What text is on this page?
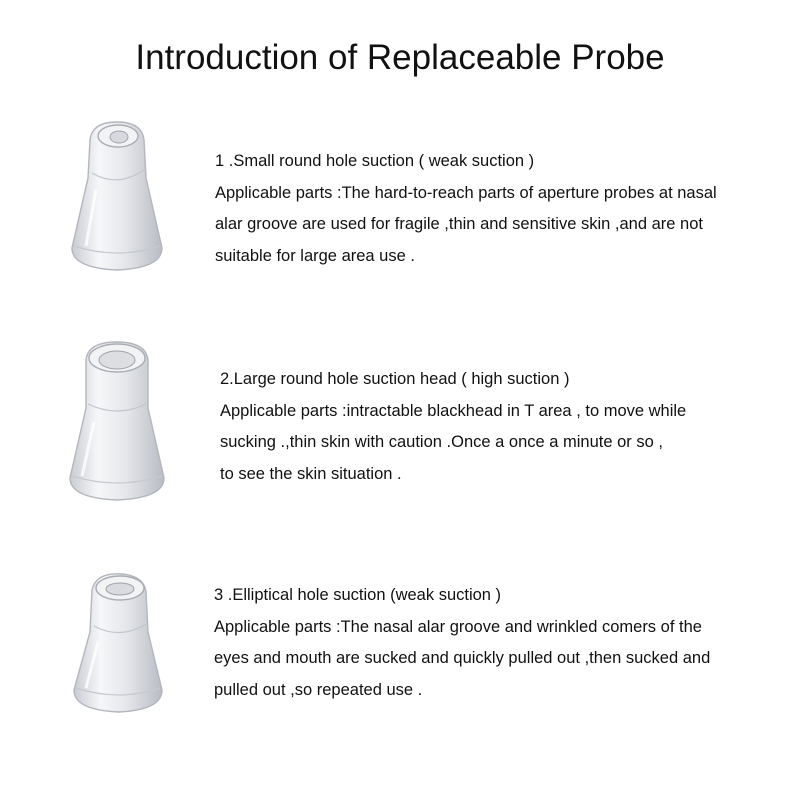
Introduction of Replaceable Probe
1 .Small round hole suction ( weak suction )
Applicable parts :The hard-to-reach parts of aperture probes at nasal
alar groove are used for fragile ,thin and sensitive skin ,and are not
suitable for large area use .
2.Large round hole suction head ( high suction )
Applicable parts :intractable blackhead in T area , to move while
sucking .,thin skin with caution .Once a once a minute or so ,
to see the skin situation .
3 .Elliptical hole suction (weak suction )
Applicable parts :The nasal alar groove and wrinkled comers of the
eyes and mouth are sucked and quickly pulled out ,then sucked and
pulled out ,so repeated use .
